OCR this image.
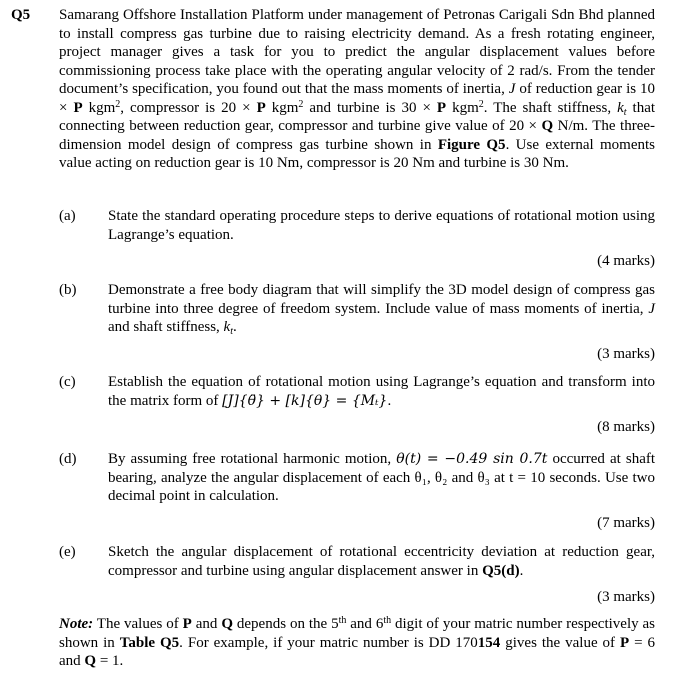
Q5 Samarang Offshore Installation Platform under management of Petronas Carigali Sdn Bhd planned to install compress gas turbine due to raising electricity demand. As a fresh rotating engineer, project manager gives a task for you to predict the angular displacement values before commissioning process take place with the operating angular velocity of 2 rad/s. From the tender document’s specification, you found out that the mass moments of inertia, J of reduction gear is 10 × P kgm$^2$, compressor is 20 × P kgm$^2$ and turbine is 30 × P kgm$^2$. The shaft stiffness, $k_t$ that connecting between reduction gear, compressor and turbine give value of 20 × Q N/m. The three-dimension model design of compress gas turbine shown in Figure Q5. Use external moments value acting on reduction gear is 10 Nm, compressor is 20 Nm and turbine is 30 Nm.
(a) State the standard operating procedure steps to derive equations of rotational motion using Lagrange’s equation.
(4 marks)
(b) Demonstrate a free body diagram that will simplify the 3D model design of compress gas turbine into three degree of freedom system. Include value of mass moments of inertia, J and shaft stiffness, $k_t$.
(3 marks)
(c) Establish the equation of rotational motion using Lagrange’s equation and transform into the matrix form of [J]{θ̈} + [k]{θ} = {Mₜ}.
(8 marks)
(d) By assuming free rotational harmonic motion, θ(t) = −0.49 sin 0.7t occurred at shaft bearing, analyze the angular displacement of each θ₁, θ₂ and θ₃ at t = 10 seconds. Use two decimal point in calculation.
(7 marks)
(e) Sketch the angular displacement of rotational eccentricity deviation at reduction gear, compressor and turbine using angular displacement answer in Q5(d).
(3 marks)
Note: The values of P and Q depends on the 5th and 6th digit of your matric number respectively as shown in Table Q5. For example, if your matric number is DD 170154 gives the value of P = 6 and Q = 1.
